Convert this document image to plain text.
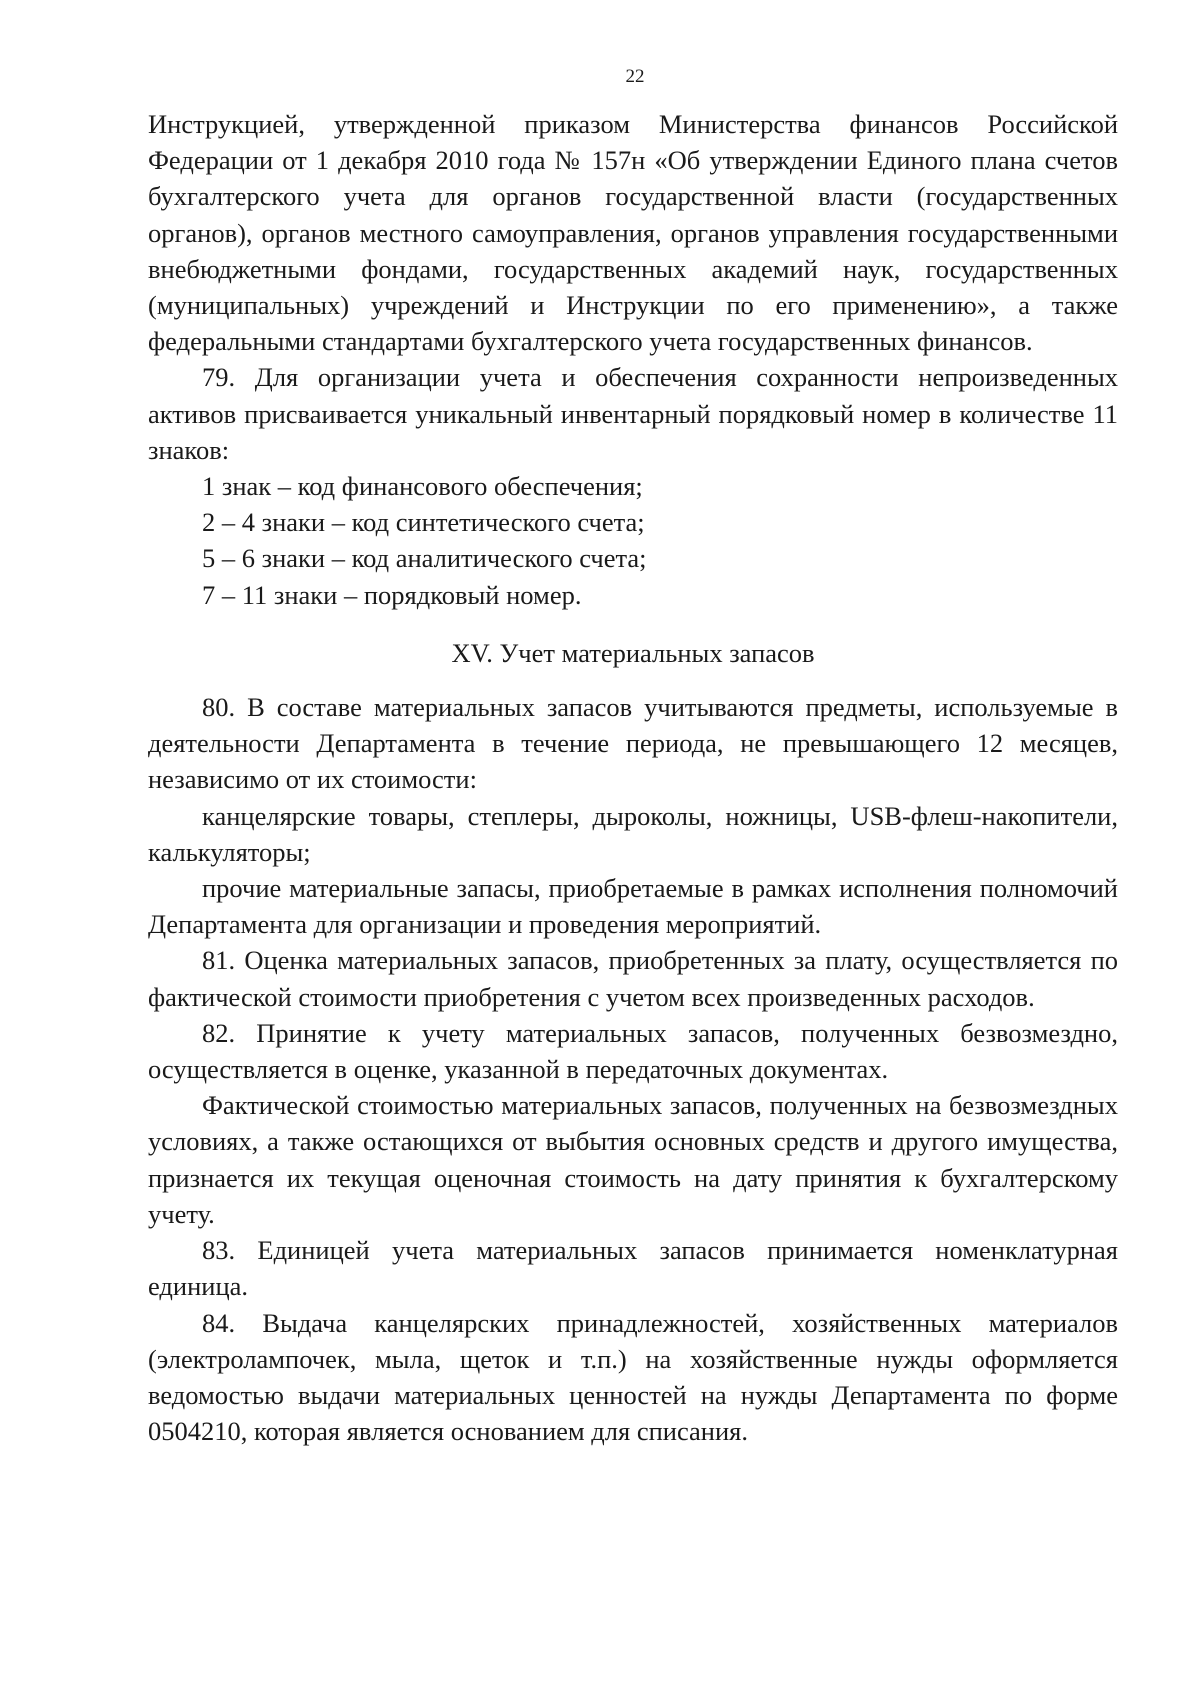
22

Инструкцией, утвержденной приказом Министерства финансов Российской Федерации от 1 декабря 2010 года № 157н «Об утверждении Единого плана счетов бухгалтерского учета для органов государственной власти (государственных органов), органов местного самоуправления, органов управления государственными внебюджетными фондами, государственных академий наук, государственных (муниципальных) учреждений и Инструкции по его применению», а также федеральными стандартами бухгалтерского учета государственных финансов.

79. Для организации учета и обеспечения сохранности непроизведенных активов присваивается уникальный инвентарный порядковый номер в количестве 11 знаков:

1 знак – код финансового обеспечения;

2 – 4 знаки – код синтетического счета;

5 – 6 знаки – код аналитического счета;

7 – 11 знаки – порядковый номер.

XV. Учет материальных запасов

80. В составе материальных запасов учитываются предметы, используемые в деятельности Департамента в течение периода, не превышающего 12 месяцев, независимо от их стоимости:

канцелярские товары, степлеры, дыроколы, ножницы, USB-флеш-накопители, калькуляторы;

прочие материальные запасы, приобретаемые в рамках исполнения полномочий Департамента для организации и проведения мероприятий.

81. Оценка материальных запасов, приобретенных за плату, осуществляется по фактической стоимости приобретения с учетом всех произведенных расходов.

82. Принятие к учету материальных запасов, полученных безвозмездно, осуществляется в оценке, указанной в передаточных документах.

Фактической стоимостью материальных запасов, полученных на безвозмездных условиях, а также остающихся от выбытия основных средств и другого имущества, признается их текущая оценочная стоимость на дату принятия к бухгалтерскому учету.

83. Единицей учета материальных запасов принимается номенклатурная единица.

84. Выдача канцелярских принадлежностей, хозяйственных материалов (электролампочек, мыла, щеток и т.п.) на хозяйственные нужды оформляется ведомостью выдачи материальных ценностей на нужды Департамента по форме 0504210, которая является основанием для списания.
